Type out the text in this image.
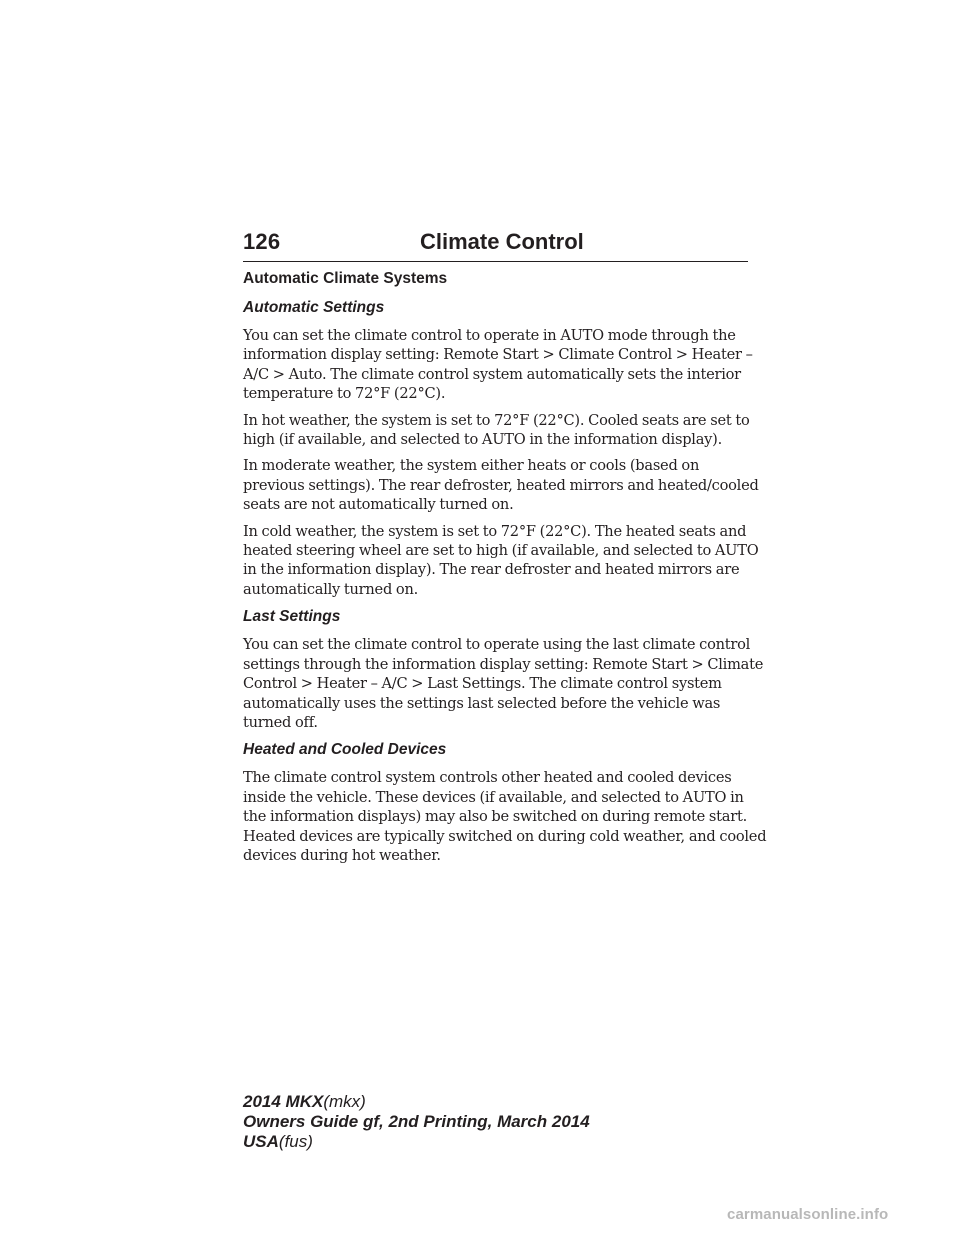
126	Climate Control
Automatic Climate Systems
Automatic Settings

You can set the climate control to operate in AUTO mode through the
information display setting: Remote Start > Climate Control > Heater –
A/C > Auto. The climate control system automatically sets the interior
temperature to 72°F (22°C).

In hot weather, the system is set to 72°F (22°C). Cooled seats are set to
high (if available, and selected to AUTO in the information display).

In moderate weather, the system either heats or cools (based on
previous settings). The rear defroster, heated mirrors and heated/cooled
seats are not automatically turned on.

In cold weather, the system is set to 72°F (22°C). The heated seats and
heated steering wheel are set to high (if available, and selected to AUTO
in the information display). The rear defroster and heated mirrors are
automatically turned on.

Last Settings

You can set the climate control to operate using the last climate control
settings through the information display setting: Remote Start > Climate
Control > Heater – A/C > Last Settings. The climate control system
automatically uses the settings last selected before the vehicle was
turned off.

Heated and Cooled Devices

The climate control system controls other heated and cooled devices
inside the vehicle. These devices (if available, and selected to AUTO in
the information displays) may also be switched on during remote start.
Heated devices are typically switched on during cold weather, and cooled
devices during hot weather.

2014 MKX(mkx)
Owners Guide gf, 2nd Printing, March 2014
USA(fus)
carmanualsonline.info
